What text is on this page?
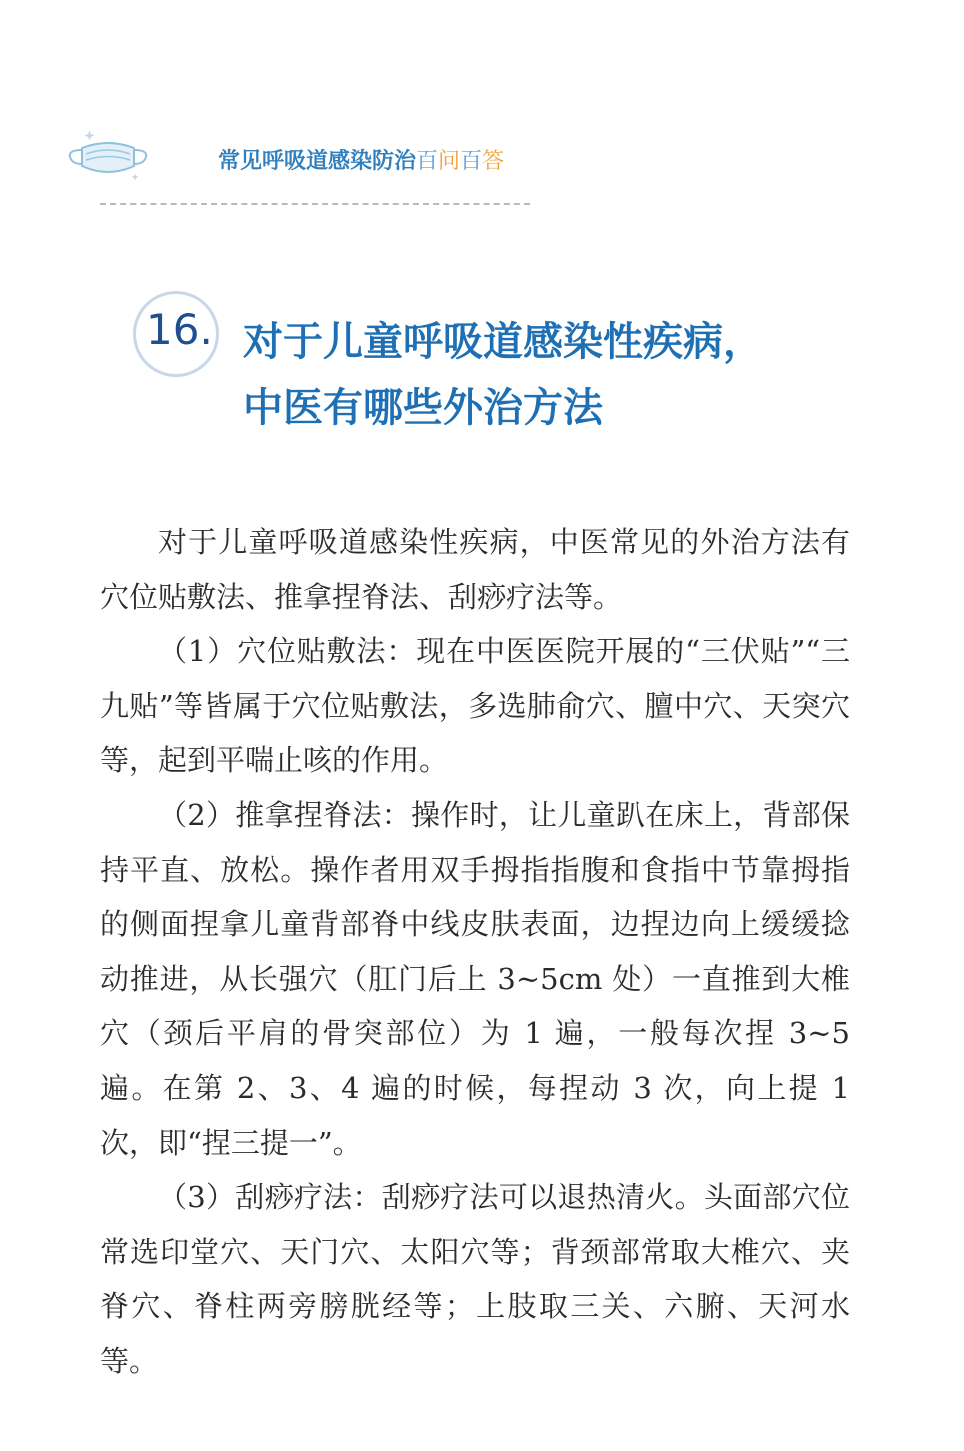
常见呼吸道感染防治百问百答
16. 对于儿童呼吸道感染性疾病，
中医有哪些外治方法

对于儿童呼吸道感染性疾病，中医常见的外治方法有穴位贴敷法、推拿捏脊法、刮痧疗法等。

（1）穴位贴敷法：现在中医医院开展的“三伏贴”“三九贴”等皆属于穴位贴敷法，多选肺俞穴、膻中穴、天突穴等，起到平喘止咳的作用。

（2）推拿捏脊法：操作时，让儿童趴在床上，背部保持平直、放松。操作者用双手拇指指腹和食指中节靠拇指的侧面捏拿儿童背部脊中线皮肤表面，边捏边向上缓缓捻动推进，从长强穴（肛门后上 3~5cm 处）一直推到大椎穴（颈后平肩的骨突部位）为 1 遍，一般每次捏 3~5 遍。在第 2、3、4 遍的时候，每捏动 3 次，向上提 1 次，即“捏三提一”。

（3）刮痧疗法：刮痧疗法可以退热清火。头面部穴位常选印堂穴、天门穴、太阳穴等；背颈部常取大椎穴、夹脊穴、脊柱两旁膀胱经等；上肢取三关、六腑、天河水等。
